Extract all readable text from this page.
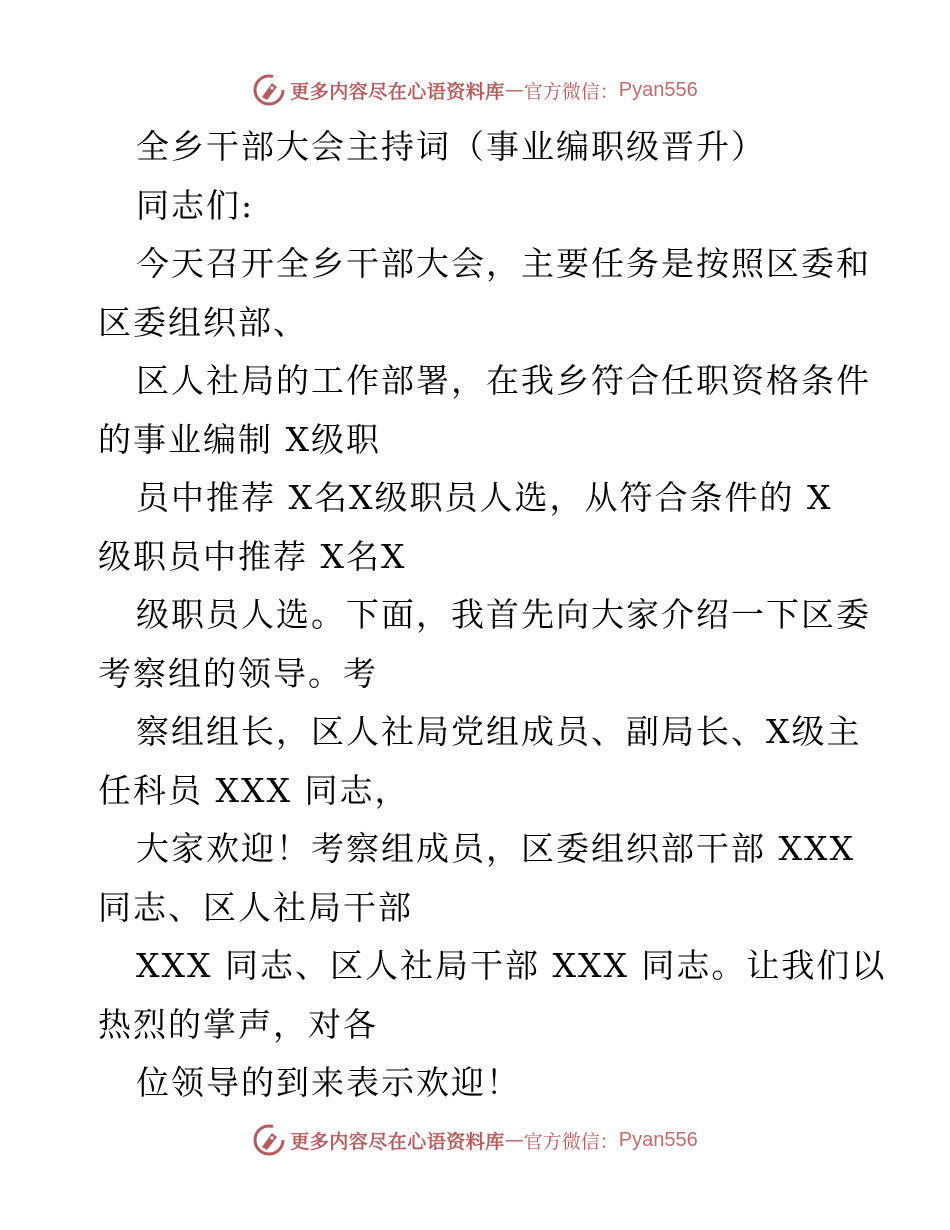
更多内容尽在心语资料库 — 官方微信： Pyan556
全乡干部大会主持词（事业编职级晋升）
同志们:
今天召开全乡干部大会，主要任务是按照区委和
区委组织部、
区人社局的工作部署，在我乡符合任职资格条件
的事业编制 X级职
员中推荐 X名X级职员人选，从符合条件的 X
级职员中推荐 X名X
级职员人选。下面，我首先向大家介绍一下区委
考察组的领导。考
察组组长，区人社局党组成员、副局长、X级主
任科员 XXX 同志，
大家欢迎！考察组成员，区委组织部干部 XXX
同志、区人社局干部
XXX 同志、区人社局干部 XXX 同志。让我们以
热烈的掌声，对各
位领导的到来表示欢迎！
更多内容尽在心语资料库 — 官方微信： Pyan556
